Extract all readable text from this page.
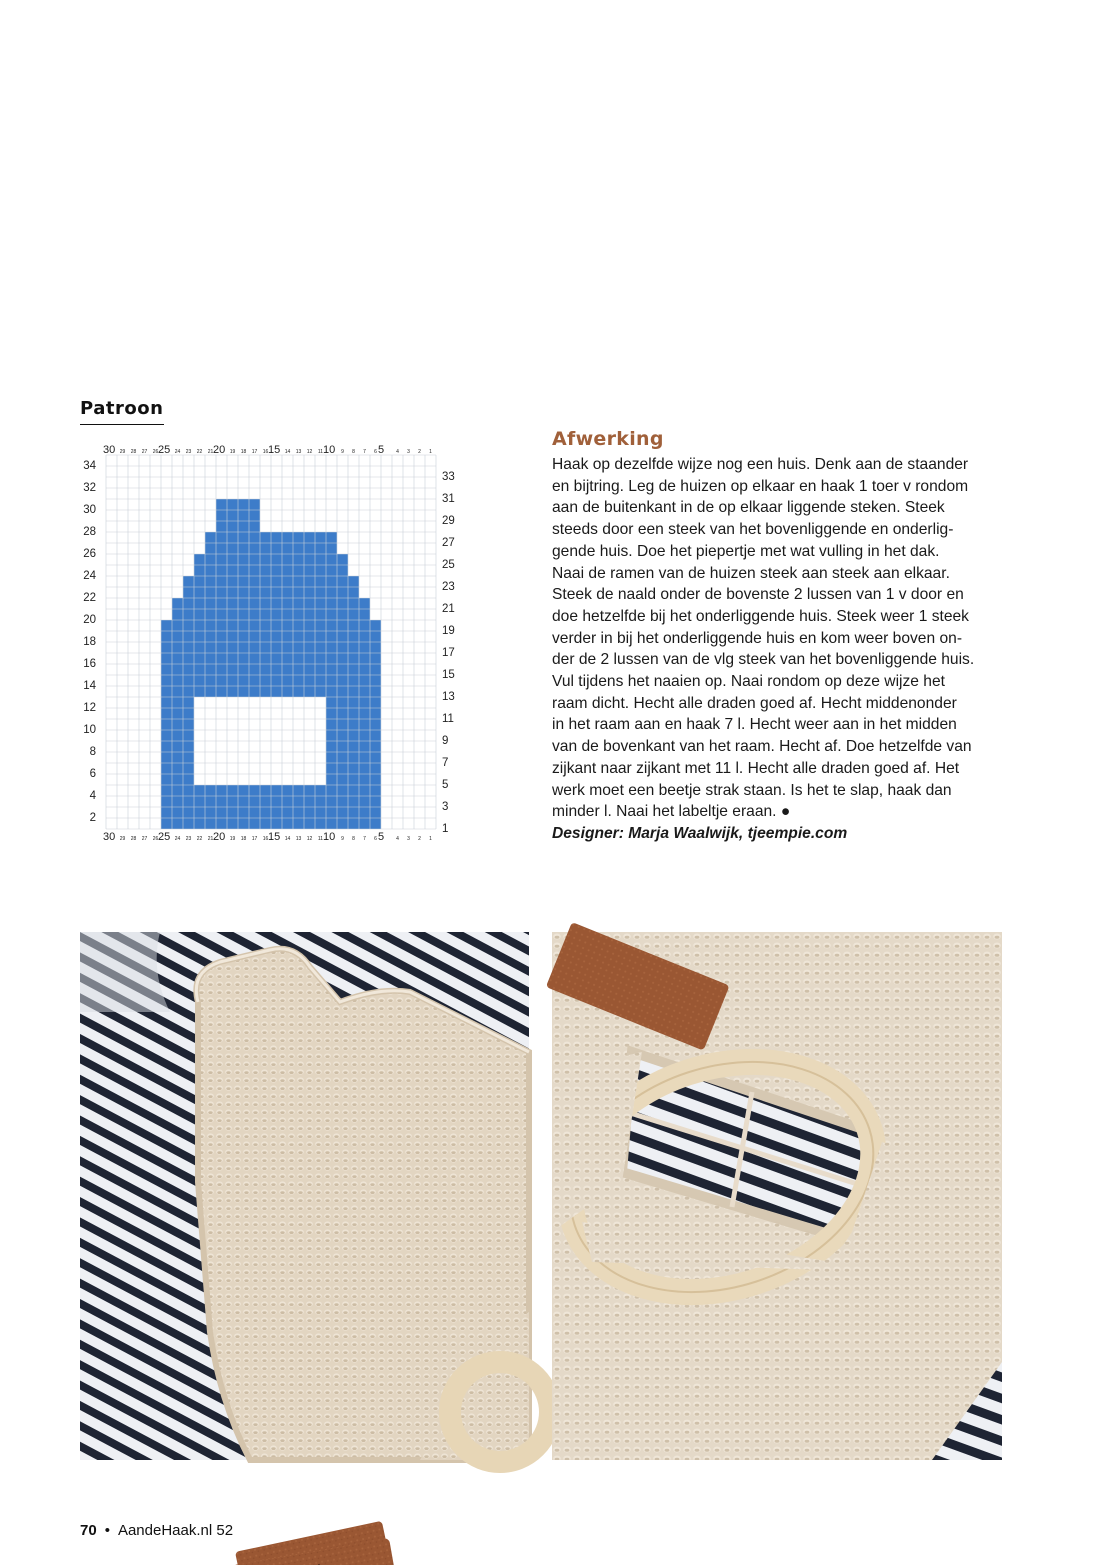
Patroon
30 29 28 27 26 25 24 23 22 21 20 19 18 17 16 15 14 13 12 11 10 9 8 7 6 5 4 3 2 1
30 29 28 27 26 25 24 23 22 21 20 19 18 17 16 15 14 13 12 11 10 9 8 7 6 5 4 3 2 1
34
32
30
28
26
24
22
20
18
16
14
12
10
8
6
4
2
33
31
29
27
25
23
21
19
17
15
13
11
9
7
5
3
1
Afwerking
Haak op dezelfde wijze nog een huis. Denk aan de staander
en bijtring. Leg de huizen op elkaar en haak 1 toer v rondom
aan de buitenkant in de op elkaar liggende steken. Steek
steeds door een steek van het bovenliggende en onderlig-
gende huis. Doe het piepertje met wat vulling in het dak.
Naai de ramen van de huizen steek aan steek aan elkaar.
Steek de naald onder de bovenste 2 lussen van 1 v door en
doe hetzelfde bij het onderliggende huis. Steek weer 1 steek
verder in bij het onderliggende huis en kom weer boven on-
der de 2 lussen van de vlg steek van het bovenliggende huis.
Vul tijdens het naaien op. Naai rondom op deze wijze het
raam dicht. Hecht alle draden goed af. Hecht middenonder
in het raam aan en haak 7 l. Hecht weer aan in het midden
van de bovenkant van het raam. Hecht af. Doe hetzelfde van
zijkant naar zijkant met 11 l. Hecht alle draden goed af. Het
werk moet een beetje strak staan. Is het te slap, haak dan
minder l. Naai het labeltje eraan. ●
Designer: Marja Waalwijk, tjeempie.com
70 • AandeHaak.nl 52
